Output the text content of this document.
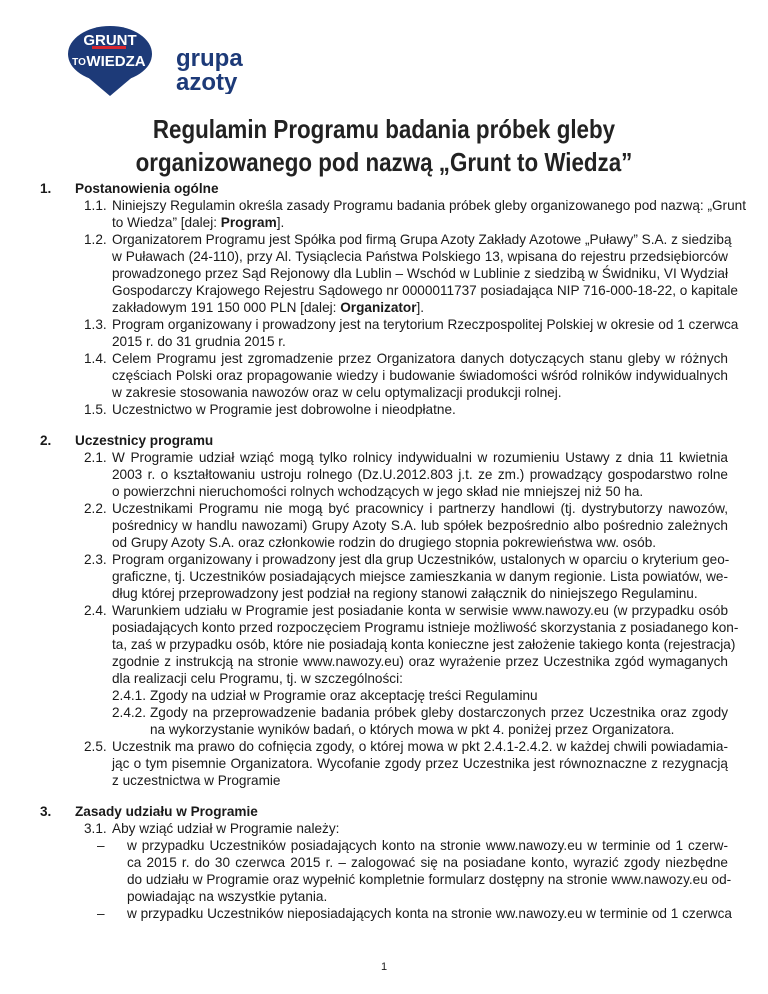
GRUNT
TO WIEDZA grupa
azoty
Regulamin Programu badania próbek gleby
organizowanego pod nazwą „Grunt to Wiedza”
1. Postanowienia ogólne
1.1. Niniejszy Regulamin określa zasady Programu badania próbek gleby organizowanego pod nazwą: „Grunt
to Wiedza” [dalej: Program].
1.2. Organizatorem Programu jest Spółka pod firmą Grupa Azoty Zakłady Azotowe „Puławy” S.A. z siedzibą
w Puławach (24-110), przy Al. Tysiąclecia Państwa Polskiego 13, wpisana do rejestru przedsiębiorców
prowadzonego przez Sąd Rejonowy dla Lublin – Wschód w Lublinie z siedzibą w Świdniku, VI Wydział
Gospodarczy Krajowego Rejestru Sądowego nr 0000011737 posiadająca NIP 716-000-18-22, o kapitale
zakładowym 191 150 000 PLN [dalej: Organizator].
1.3. Program organizowany i prowadzony jest na terytorium Rzeczpospolitej Polskiej w okresie od 1 czerwca
2015 r. do 31 grudnia 2015 r.
1.4. Celem Programu jest zgromadzenie przez Organizatora danych dotyczących stanu gleby w różnych
częściach Polski oraz propagowanie wiedzy i budowanie świadomości wśród rolników indywidualnych
w zakresie stosowania nawozów oraz w celu optymalizacji produkcji rolnej.
1.5. Uczestnictwo w Programie jest dobrowolne i nieodpłatne.
2. Uczestnicy programu
2.1. W Programie udział wziąć mogą tylko rolnicy indywidualni w rozumieniu Ustawy z dnia 11 kwietnia
2003 r. o kształtowaniu ustroju rolnego (Dz.U.2012.803 j.t. ze zm.) prowadzący gospodarstwo rolne
o powierzchni nieruchomości rolnych wchodzących w jego skład nie mniejszej niż 50 ha.
2.2. Uczestnikami Programu nie mogą być pracownicy i partnerzy handlowi (tj. dystrybutorzy nawozów,
pośrednicy w handlu nawozami) Grupy Azoty S.A. lub spółek bezpośrednio albo pośrednio zależnych
od Grupy Azoty S.A. oraz członkowie rodzin do drugiego stopnia pokrewieństwa ww. osób.
2.3. Program organizowany i prowadzony jest dla grup Uczestników, ustalonych w oparciu o kryterium geo-
graficzne, tj. Uczestników posiadających miejsce zamieszkania w danym regionie. Lista powiatów, we-
dług której przeprowadzony jest podział na regiony stanowi załącznik do niniejszego Regulaminu.
2.4. Warunkiem udziału w Programie jest posiadanie konta w serwisie www.nawozy.eu (w przypadku osób
posiadających konto przed rozpoczęciem Programu istnieje możliwość skorzystania z posiadanego kon-
ta, zaś w przypadku osób, które nie posiadają konta konieczne jest założenie takiego konta (rejestracja)
zgodnie z instrukcją na stronie www.nawozy.eu) oraz wyrażenie przez Uczestnika zgód wymaganych
dla realizacji celu Programu, tj. w szczególności:
2.4.1. Zgody na udział w Programie oraz akceptację treści Regulaminu
2.4.2. Zgody na przeprowadzenie badania próbek gleby dostarczonych przez Uczestnika oraz zgody
na wykorzystanie wyników badań, o których mowa w pkt 4. poniżej przez Organizatora.
2.5. Uczestnik ma prawo do cofnięcia zgody, o której mowa w pkt 2.4.1-2.4.2. w każdej chwili powiadamia-
jąc o tym pisemnie Organizatora. Wycofanie zgody przez Uczestnika jest równoznaczne z rezygnacją
z uczestnictwa w Programie
3. Zasady udziału w Programie
3.1. Aby wziąć udział w Programie należy:
– w przypadku Uczestników posiadających konto na stronie www.nawozy.eu w terminie od 1 czerw-
ca 2015 r. do 30 czerwca 2015 r. – zalogować się na posiadane konto, wyrazić zgody niezbędne
do udziału w Programie oraz wypełnić kompletnie formularz dostępny na stronie www.nawozy.eu od-
powiadając na wszystkie pytania.
– w przypadku Uczestników nieposiadających konta na stronie ww.nawozy.eu w terminie od 1 czerwca
1
